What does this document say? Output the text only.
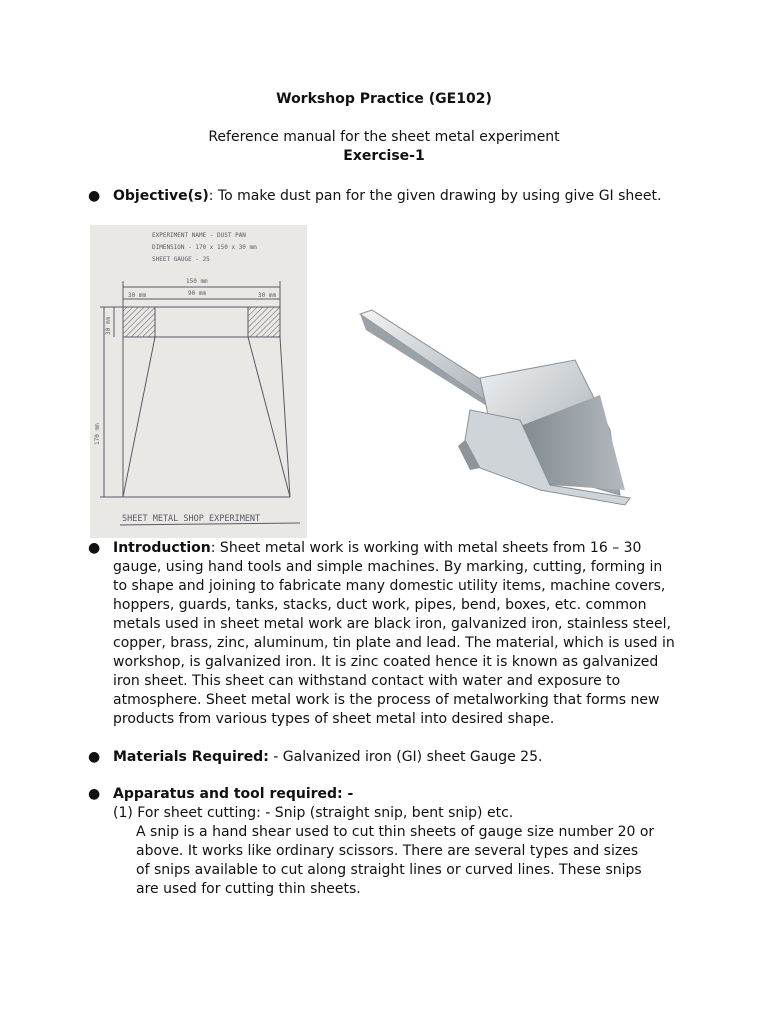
Workshop Practice (GE102)
Reference manual for the sheet metal experiment
Exercise-1
● Objective(s): To make dust pan for the given drawing by using give GI sheet.
EXPERIMENT NAME - DUST PAN
DIMENSION - 170 x 150 x 30 mm
SHEET GAUGE - 25
150 mm
90 mm
30 mm	30 mm
30 mm
170 mm
SHEET METAL SHOP EXPERIMENT
● Introduction: Sheet metal work is working with metal sheets from 16 – 30 gauge, using hand tools and simple machines. By marking, cutting, forming in to shape and joining to fabricate many domestic utility items, machine covers, hoppers, guards, tanks, stacks, duct work, pipes, bend, boxes, etc. common metals used in sheet metal work are black iron, galvanized iron, stainless steel, copper, brass, zinc, aluminum, tin plate and lead. The material, which is used in workshop, is galvanized iron. It is zinc coated hence it is known as galvanized iron sheet. This sheet can withstand contact with water and exposure to atmosphere. Sheet metal work is the process of metalworking that forms new products from various types of sheet metal into desired shape.
● Materials Required: - Galvanized iron (GI) sheet Gauge 25.
● Apparatus and tool required: -
(1) For sheet cutting: - Snip (straight snip, bent snip) etc.
A snip is a hand shear used to cut thin sheets of gauge size number 20 or above. It works like ordinary scissors. There are several types and sizes of snips available to cut along straight lines or curved lines. These snips are used for cutting thin sheets.
